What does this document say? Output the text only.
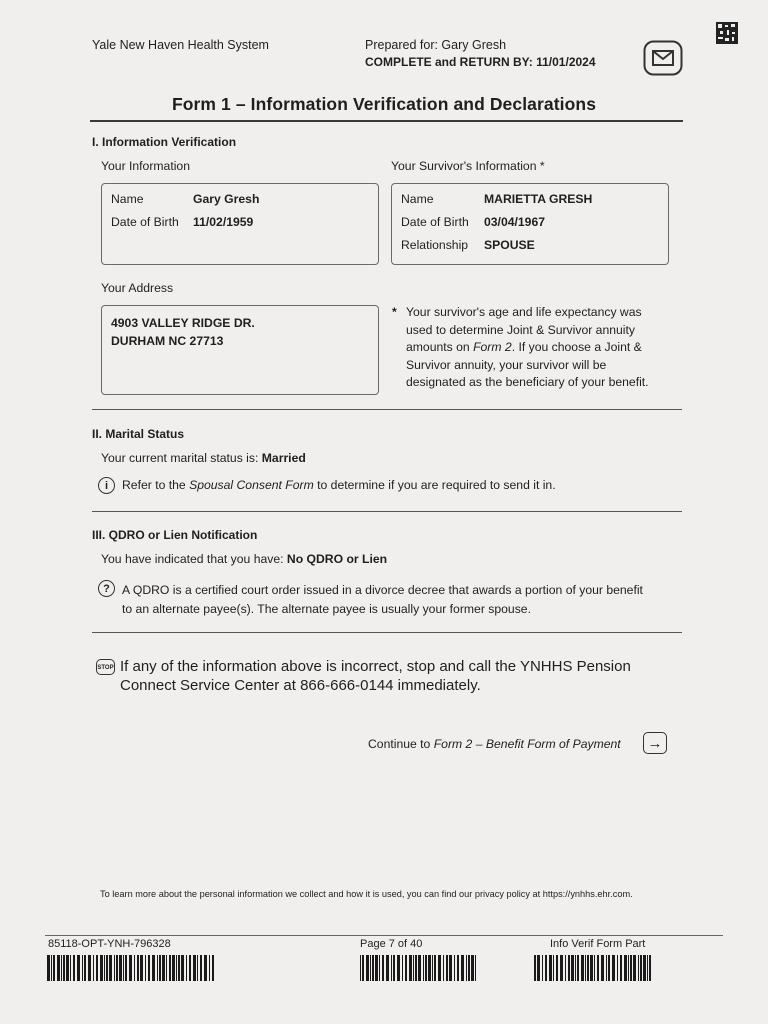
Yale New Haven Health System	Prepared for: Gary Gresh
COMPLETE and RETURN BY: 11/01/2024
Form 1 – Information Verification and Declarations
I. Information Verification
Your Information	Your Survivor's Information *
Name	Gary Gresh
Date of Birth 11/02/1959
Name	MARIETTA GRESH
Date of Birth 03/04/1967
Relationship SPOUSE
Your Address
4903 VALLEY RIDGE DR.
DURHAM NC 27713
* Your survivor's age and life expectancy was
used to determine Joint & Survivor annuity
amounts on Form 2. If you choose a Joint &
Survivor annuity, your survivor will be
designated as the beneficiary of your benefit.
II. Marital Status
Your current marital status is: Married
i	Refer to the Spousal Consent Form to determine if you are required to send it in.
III. QDRO or Lien Notification
You have indicated that you have: No QDRO or Lien
? A QDRO is a certified court order issued in a divorce decree that awards a portion of your benefit
to an alternate payee(s). The alternate payee is usually your former spouse.
STOP If any of the information above is incorrect, stop and call the YNHHS Pension
Connect Service Center at 866-666-0144 immediately.
Continue to Form 2 – Benefit Form of Payment	→
To learn more about the personal information we collect and how it is used, you can find our privacy policy at https://ynhhs.ehr.com.
85118-OPT-YNH-796328	Page 7 of 40	Info Verif Form Part
